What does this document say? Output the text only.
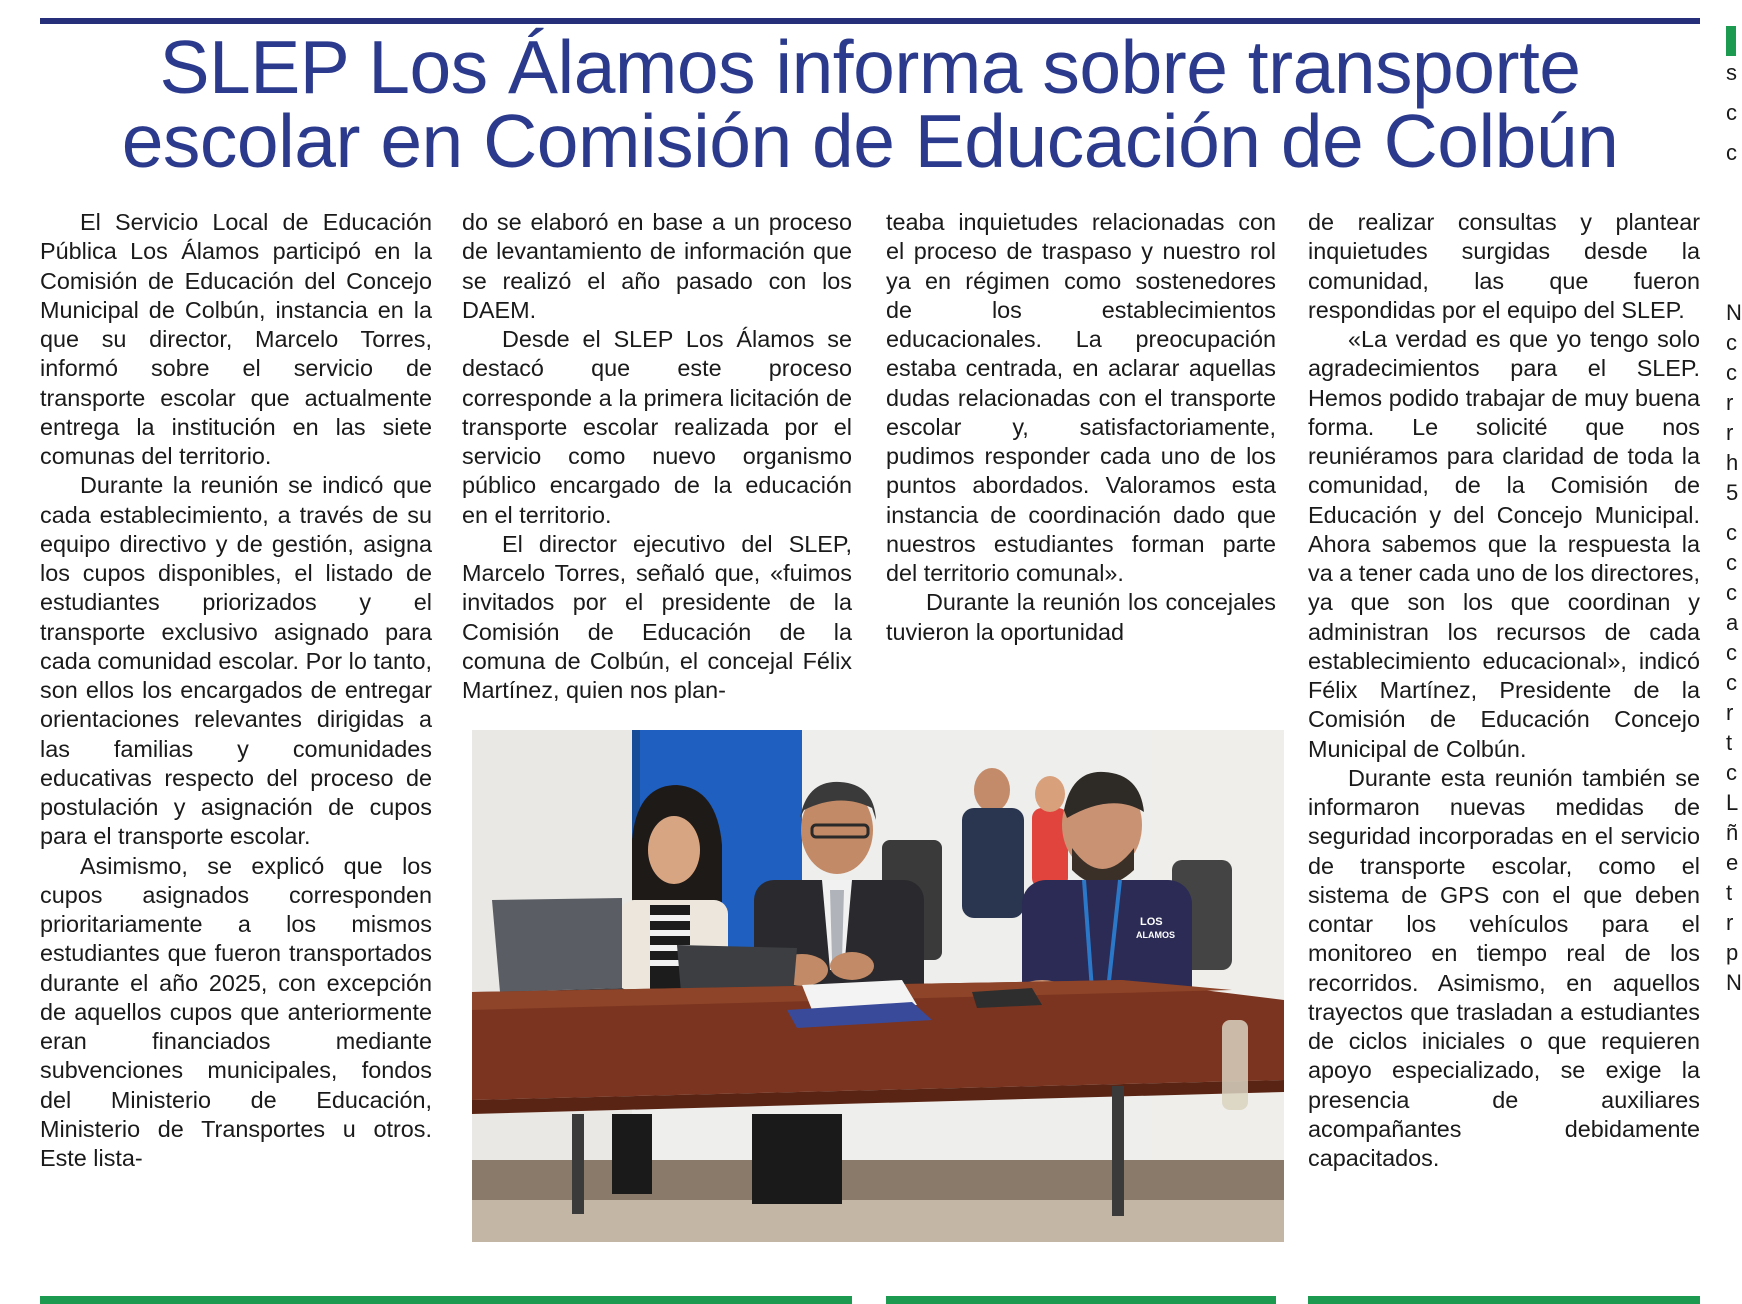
SLEP Los Álamos informa sobre transporte escolar en Comisión de Educación de Colbún

El Servicio Local de Educación Pública Los Álamos participó en la Comisión de Educación del Concejo Municipal de Colbún, instancia en la que su director, Marcelo Torres, informó sobre el servicio de transporte escolar que actualmente entrega la institución en las siete comunas del territorio.

Durante la reunión se indicó que cada establecimiento, a través de su equipo directivo y de gestión, asigna los cupos disponibles, el listado de estudiantes priorizados y el transporte exclusivo asignado para cada comunidad escolar. Por lo tanto, son ellos los encargados de entregar orientaciones relevantes dirigidas a las familias y comunidades educativas respecto del proceso de postulación y asignación de cupos para el transporte escolar.

Asimismo, se explicó que los cupos asignados corresponden prioritariamente a los mismos estudiantes que fueron transportados durante el año 2025, con excepción de aquellos cupos que anteriormente eran financiados mediante subvenciones municipales, fondos del Ministerio de Educación, Ministerio de Transportes u otros. Este lista-

do se elaboró en base a un proceso de levantamiento de información que se realizó el año pasado con los DAEM.

Desde el SLEP Los Álamos se destacó que este proceso corresponde a la primera licitación de transporte escolar realizada por el servicio como nuevo organismo público encargado de la educación en el territorio.

El director ejecutivo del SLEP, Marcelo Torres, señaló que, «fuimos invitados por el presidente de la Comisión de Educación de la comuna de Colbún, el concejal Félix Martínez, quien nos plan-

teaba inquietudes relacionadas con el proceso de traspaso y nuestro rol ya en régimen como sostenedores de los establecimientos educacionales. La preocupación estaba centrada, en aclarar aquellas dudas relacionadas con el transporte escolar y, satisfactoriamente, pudimos responder cada uno de los puntos abordados. Valoramos esta instancia de coordinación dado que nuestros estudiantes forman parte del territorio comunal».

Durante la reunión los concejales tuvieron la oportunidad

de realizar consultas y plantear inquietudes surgidas desde la comunidad, las que fueron respondidas por el equipo del SLEP.

«La verdad es que yo tengo solo agradecimientos para el SLEP. Hemos podido trabajar de muy buena forma. Le solicité que nos reuniéramos para claridad de toda la comunidad, de la Comisión de Educación y del Concejo Municipal. Ahora sabemos que la respuesta la va a tener cada uno de los directores, ya que son los que coordinan y administran los recursos de cada establecimiento educacional», indicó Félix Martínez, Presidente de la Comisión de Educación Concejo Municipal de Colbún.

Durante esta reunión también se informaron nuevas medidas de seguridad incorporadas en el servicio de transporte escolar, como el sistema de GPS con el que deben contar los vehículos para el monitoreo en tiempo real de los recorridos. Asimismo, en aquellos trayectos que trasladan a estudiantes de ciclos iniciales o que requieren apoyo especializado, se exige la presencia de auxiliares acompañantes debidamente capacitados.

LOS
ALAMOS
s
c
c
N
c
c
r
r
h
5
c
c
c
a
c
c
r
t
c
L
ñ
e
t
r
p
N
